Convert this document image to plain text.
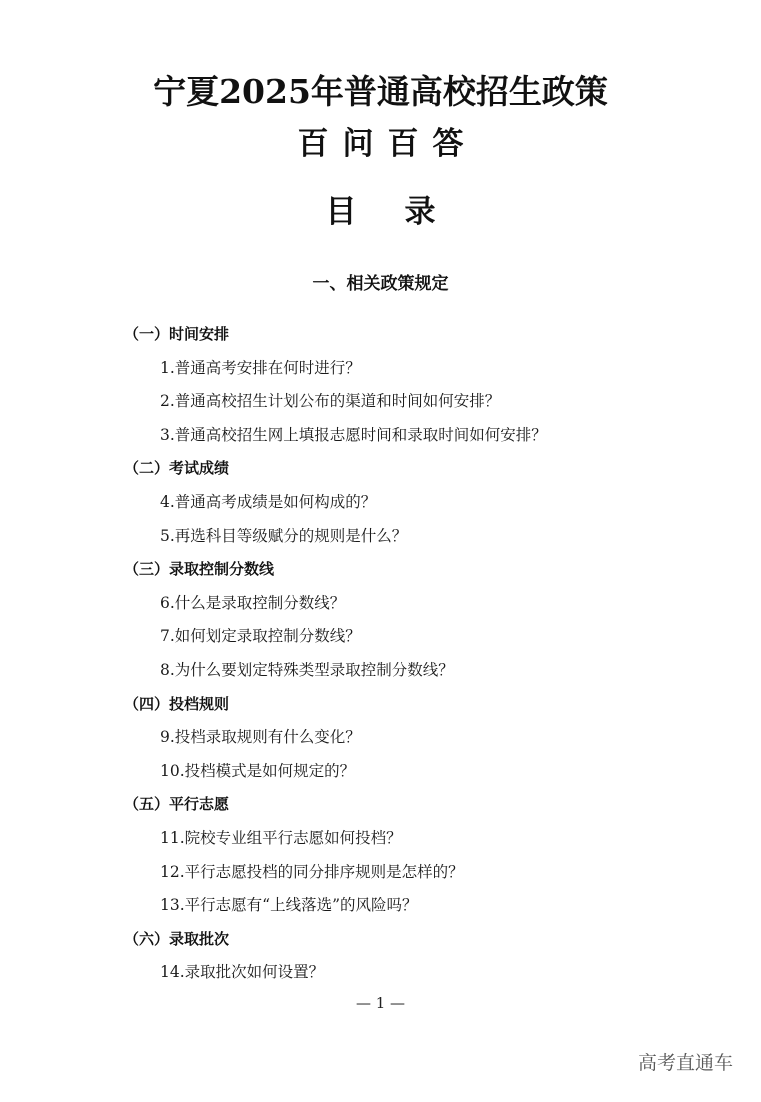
宁夏2025年普通高校招生政策
百问百答
目录
一、相关政策规定
（一）时间安排
1.普通高考安排在何时进行？
2.普通高校招生计划公布的渠道和时间如何安排？
3.普通高校招生网上填报志愿时间和录取时间如何安排？
（二）考试成绩
4.普通高考成绩是如何构成的？
5.再选科目等级赋分的规则是什么？
（三）录取控制分数线
6.什么是录取控制分数线？
7.如何划定录取控制分数线？
8.为什么要划定特殊类型录取控制分数线？
（四）投档规则
9.投档录取规则有什么变化？
10.投档模式是如何规定的？
（五）平行志愿
11.院校专业组平行志愿如何投档？
12.平行志愿投档的同分排序规则是怎样的？
13.平行志愿有“上线落选”的风险吗？
（六）录取批次
14.录取批次如何设置？
— 1 —
高考直通车
